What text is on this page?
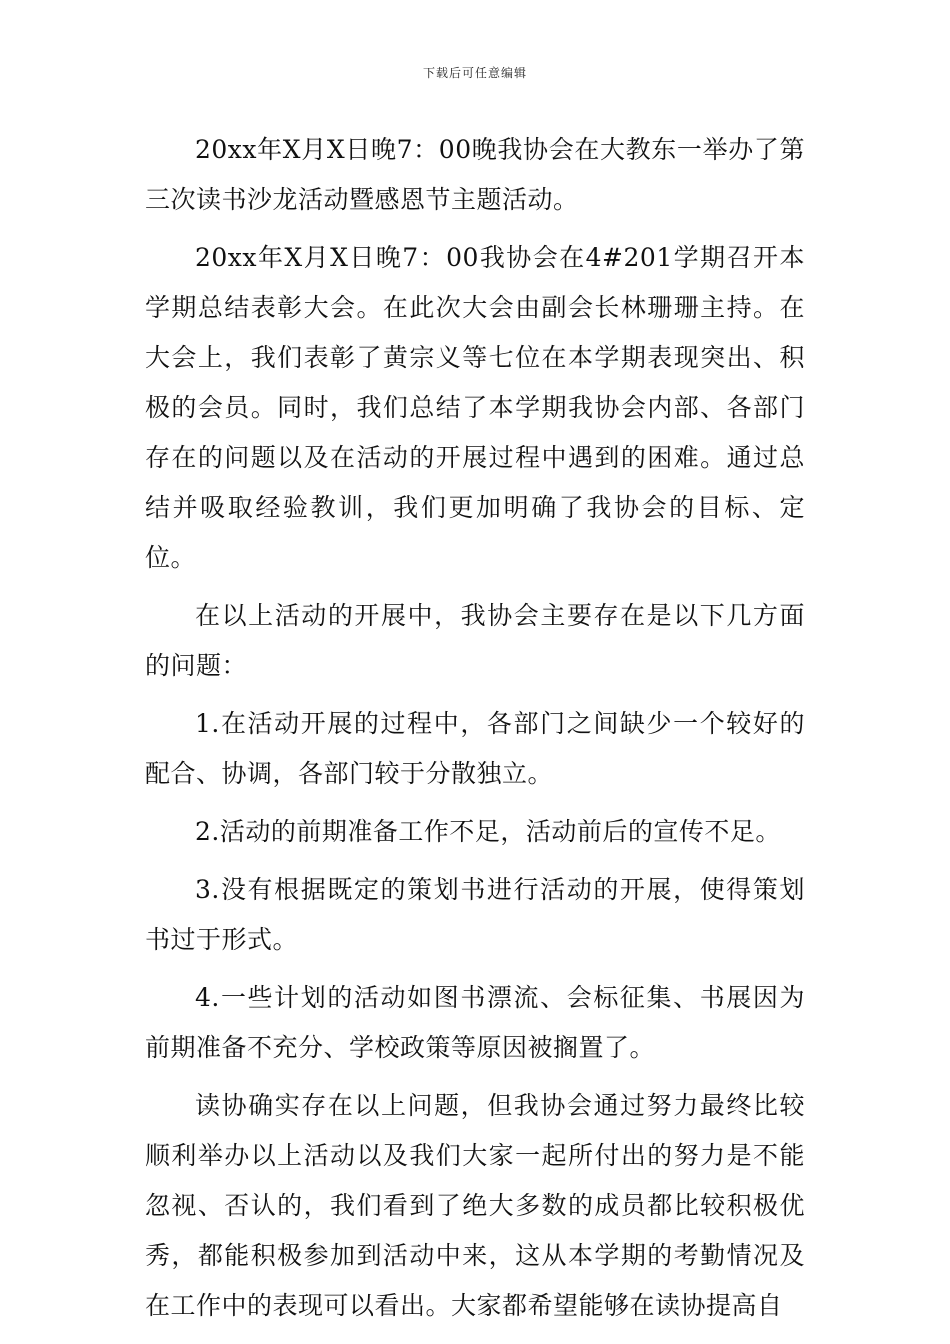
下载后可任意编辑

20xx年X月X日晚7：00晚我协会在大教东一举办了第三次读书沙龙活动暨感恩节主题活动。

20xx年X月X日晚7：00我协会在4#201学期召开本学期总结表彰大会。在此次大会由副会长林珊珊主持。在大会上，我们表彰了黄宗义等七位在本学期表现突出、积极的会员。同时，我们总结了本学期我协会内部、各部门存在的问题以及在活动的开展过程中遇到的困难。通过总结并吸取经验教训，我们更加明确了我协会的目标、定位。

在以上活动的开展中，我协会主要存在是以下几方面的问题：

1.在活动开展的过程中，各部门之间缺少一个较好的配合、协调，各部门较于分散独立。

2.活动的前期准备工作不足，活动前后的宣传不足。

3.没有根据既定的策划书进行活动的开展，使得策划书过于形式。

4.一些计划的活动如图书漂流、会标征集、书展因为前期准备不充分、学校政策等原因被搁置了。

读协确实存在以上问题，但我协会通过努力最终比较顺利举办以上活动以及我们大家一起所付出的努力是不能忽视、否认的，我们看到了绝大多数的成员都比较积极优秀，都能积极参加到活动中来，这从本学期的考勤情况及在工作中的表现可以看出。大家都希望能够在读协提高自
